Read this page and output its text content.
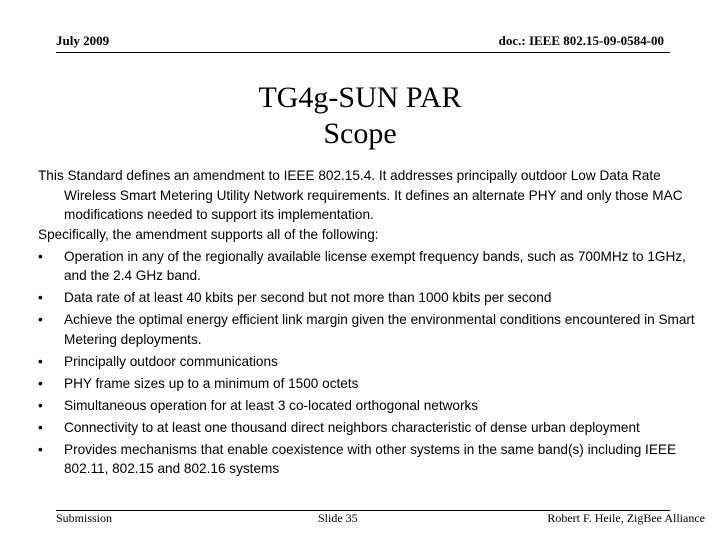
July 2009	doc.: IEEE 802.15-09-0584-00
TG4g-SUN PAR
Scope

This Standard defines an amendment to IEEE 802.15.4. It addresses principally outdoor Low Data Rate Wireless Smart Metering Utility Network requirements. It defines an alternate PHY and only those MAC modifications needed to support its implementation.

Specifically, the amendment supports all of the following:

• Operation in any of the regionally available license exempt frequency bands, such as 700MHz to 1GHz, and the 2.4 GHz band.
• Data rate of at least 40 kbits per second but not more than 1000 kbits per second
• Achieve the optimal energy efficient link margin given the environmental conditions encountered in Smart Metering deployments.
• Principally outdoor communications
• PHY frame sizes up to a minimum of 1500 octets
• Simultaneous operation for at least 3 co-located orthogonal networks
• Connectivity to at least one thousand direct neighbors characteristic of dense urban deployment
• Provides mechanisms that enable coexistence with other systems in the same band(s) including IEEE 802.11, 802.15 and 802.16 systems
Submission	Slide 35	Robert F. Heile, ZigBee Alliance
